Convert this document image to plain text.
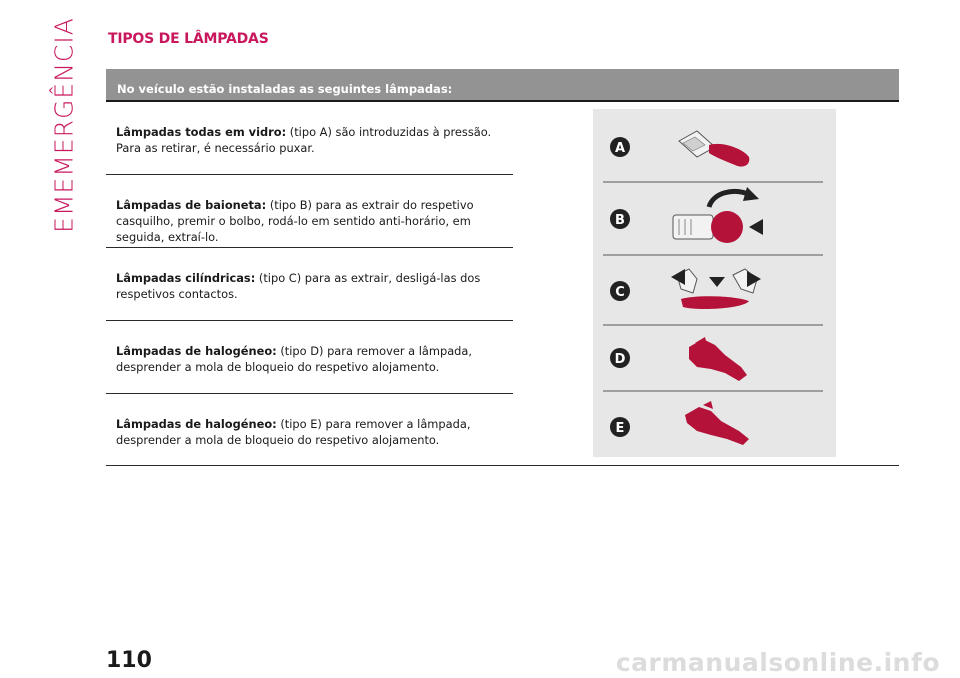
EMEMERGÊNCIA TIPOS DE LÂMPADAS
No veículo estão instaladas as seguintes lâmpadas:

Lâmpadas todas em vidro: (tipo A) são introduzidas à pressão. Para as retirar, é necessário puxar.

Lâmpadas de baioneta: (tipo B) para as extrair do respetivo casquilho, premir o bolbo, rodá-lo em sentido anti-horário, em seguida, extraí-lo.

Lâmpadas cilíndricas: (tipo C) para as extrair, desligá-las dos respetivos contactos.

Lâmpadas de halogéneo: (tipo D) para remover a lâmpada, desprender a mola de bloqueio do respetivo alojamento.

Lâmpadas de halogéneo: (tipo E) para remover a lâmpada, desprender a mola de bloqueio do respetivo alojamento.

A
B
C
D
E
110	carmanualsonline.info
